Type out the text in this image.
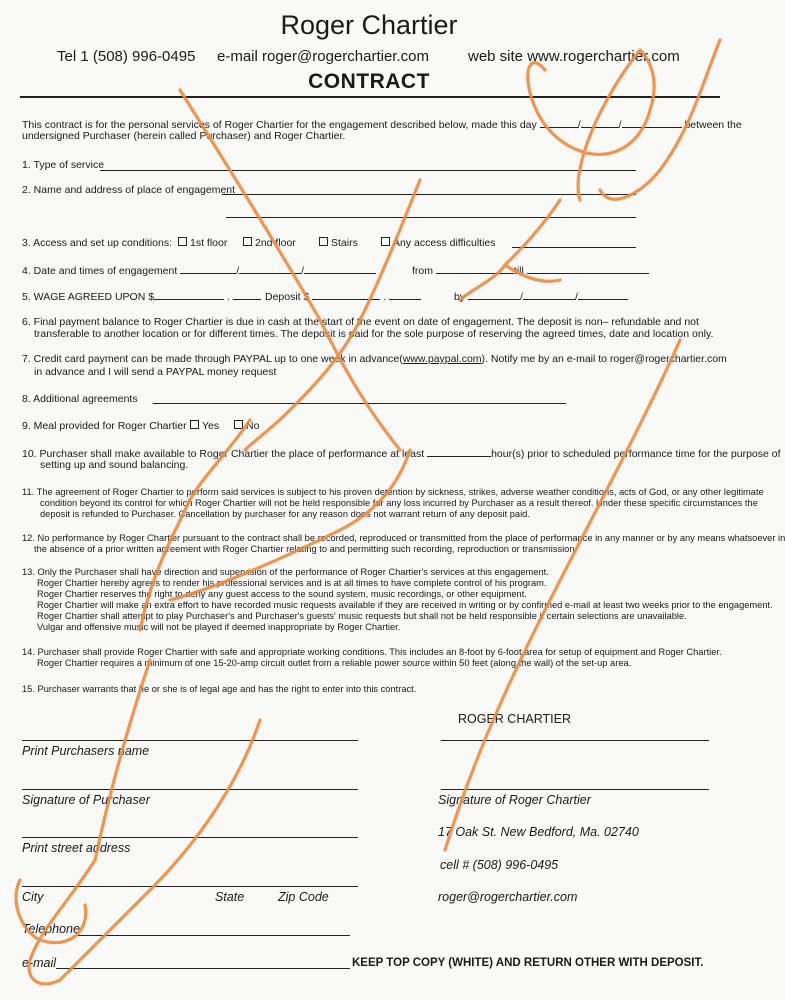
Roger Chartier
Tel 1 (508) 996-0495 e-mail roger@rogerchartier.com	web site www.rogerchartier.com
CONTRACT
This contract is for the personal services of Roger Chartier for the engagement described below, made this day	/	/	between the
undersigned Purchaser (herein called Purchaser) and Roger Chartier.
1. Type of service
2. Name and address of place of engagement
3. Access and set up conditions:	1st floor	2nd floor	Stairs	Any access difficulties
4. Date and times of engagement	/	/	from	till
5. WAGE AGREED UPON $	.	Deposit $	.	by	/	/
6. Final payment balance to Roger Chartier is due in cash at the start of the event on date of engagement. The deposit is non– refundable and not
transferable to another location or for different times. The deposit is paid for the sole purpose of reserving the agreed times, date and location only.
7. Credit card payment can be made through PAYPAL up to one week in advance(www.paypal.com). Notify me by an e-mail to roger@rogerchartier.com
in advance and I will send a PAYPAL money request
8. Additional agreements
9. Meal provided for Roger Chartier	Yes	No
10. Purchaser shall make available to Roger Chartier the place of performance at least	hour(s) prior to scheduled performance time for the purpose of
setting up and sound balancing.
11. The agreement of Roger Chartier to perform said services is subject to his proven detention by sickness, strikes, adverse weather conditions, acts of God, or any other legitimate
condition beyond its control for which Roger Chartier will not be held responsible for any loss incurred by Purchaser as a result thereof. Under these specific circumstances the
deposit is refunded to Purchaser. Cancellation by purchaser for any reason does not warrant return of any deposit paid.
12. No performance by Roger Chartier pursuant to the contract shall be recorded, reproduced or transmitted from the place of performance in any manner or by any means whatsoever in
the absence of a prior written agreement with Roger Chartier relating to and permitting such recording, reproduction or transmission.
13. Only the Purchaser shall have direction and supervision of the performance of Roger Chartier's services at this engagement.
Roger Chartier hereby agrees to render his professional services and is at all times to have complete control of his program.
Roger Chartier reserves the right to deny any guest access to the sound system, music recordings, or other equipment.
Roger Chartier will make an extra effort to have recorded music requests available if they are received in writing or by confirmed e-mail at least two weeks prior to the engagement.
Roger Chartier shall attempt to play Purchaser's and Purchaser's guests' music requests but shall not be held responsible if certain selections are unavailable.
Vulgar and offensive music will not be played if deemed inappropriate by Roger Chartier.
14. Purchaser shall provide Roger Chartier with safe and appropriate working conditions. This includes an 8-foot by 6-foot area for setup of equipment and Roger Chartier.
Roger Chartier requires a minimum of one 15-20-amp circuit outlet from a reliable power source within 50 feet (along the wall) of the set-up area.
15. Purchaser warrants that he or she is of legal age and has the right to enter into this contract.
Print Purchasers name
Signature of Purchaser
Print street address
City	State	Zip Code
Telephone
e-mail
ROGER CHARTIER
Signature of Roger Chartier
17 Oak St. New Bedford, Ma. 02740
cell # (508) 996-0495
roger@rogerchartier.com
KEEP TOP COPY (WHITE) AND RETURN OTHER WITH DEPOSIT.
